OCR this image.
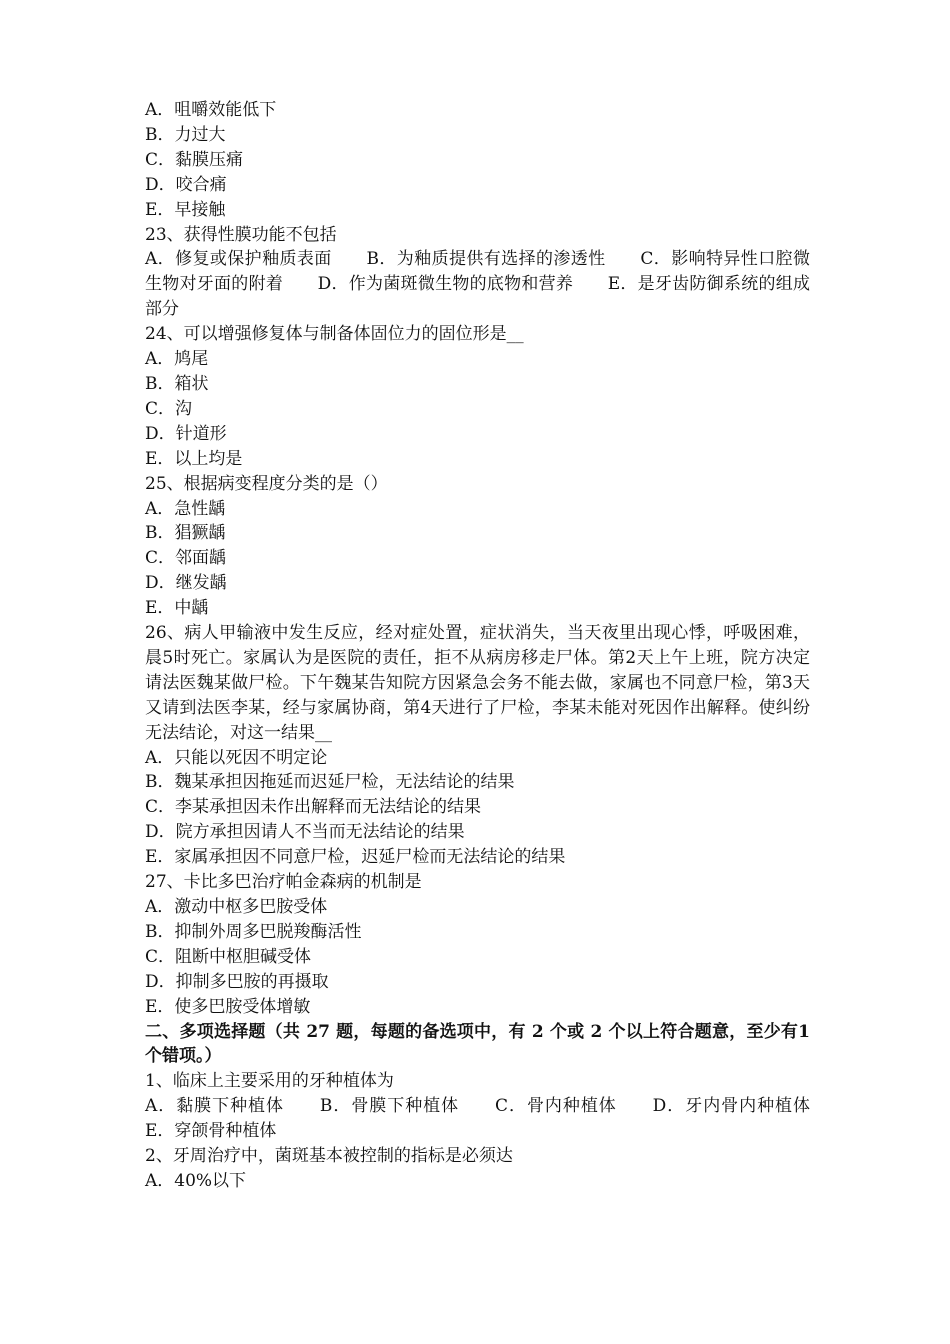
A．咀嚼效能低下

B．力过大

C．黏膜压痛

D．咬合痛

E．早接触

23、获得性膜功能不包括

A．修复或保护釉质表面　　B．为釉质提供有选择的渗透性　　C．影响特异性口腔微生物对牙面的附着　　D．作为菌斑微生物的底物和营养　　E．是牙齿防御系统的组成部分

24、可以增强修复体与制备体固位力的固位形是__

A．鸠尾

B．箱状

C．沟

D．针道形

E．以上均是

25、根据病变程度分类的是（）

A．急性龋

B．猖獗龋

C．邻面龋

D．继发龋

E．中龋

26、病人甲输液中发生反应，经对症处置，症状消失，当天夜里出现心悸，呼吸困难，晨5时死亡。家属认为是医院的责任，拒不从病房移走尸体。第2天上午上班，院方决定请法医魏某做尸检。下午魏某告知院方因紧急会务不能去做，家属也不同意尸检，第3天又请到法医李某，经与家属协商，第4天进行了尸检，李某未能对死因作出解释。使纠纷无法结论，对这一结果__

A．只能以死因不明定论

B．魏某承担因拖延而迟延尸检，无法结论的结果

C．李某承担因未作出解释而无法结论的结果

D．院方承担因请人不当而无法结论的结果

E．家属承担因不同意尸检，迟延尸检而无法结论的结果

27、卡比多巴治疗帕金森病的机制是

A．激动中枢多巴胺受体

B．抑制外周多巴脱羧酶活性

C．阻断中枢胆碱受体

D．抑制多巴胺的再摄取

E．使多巴胺受体增敏

二、多项选择题（共 27 题，每题的备选项中，有 2 个或 2 个以上符合题意，至少有1 个错项。）

1、临床上主要采用的牙种植体为

A．黏膜下种植体　　B．骨膜下种植体　　C．骨内种植体　　D．牙内骨内种植体　　E．穿颌骨种植体

2、牙周治疗中，菌斑基本被控制的指标是必须达

A．40%以下
